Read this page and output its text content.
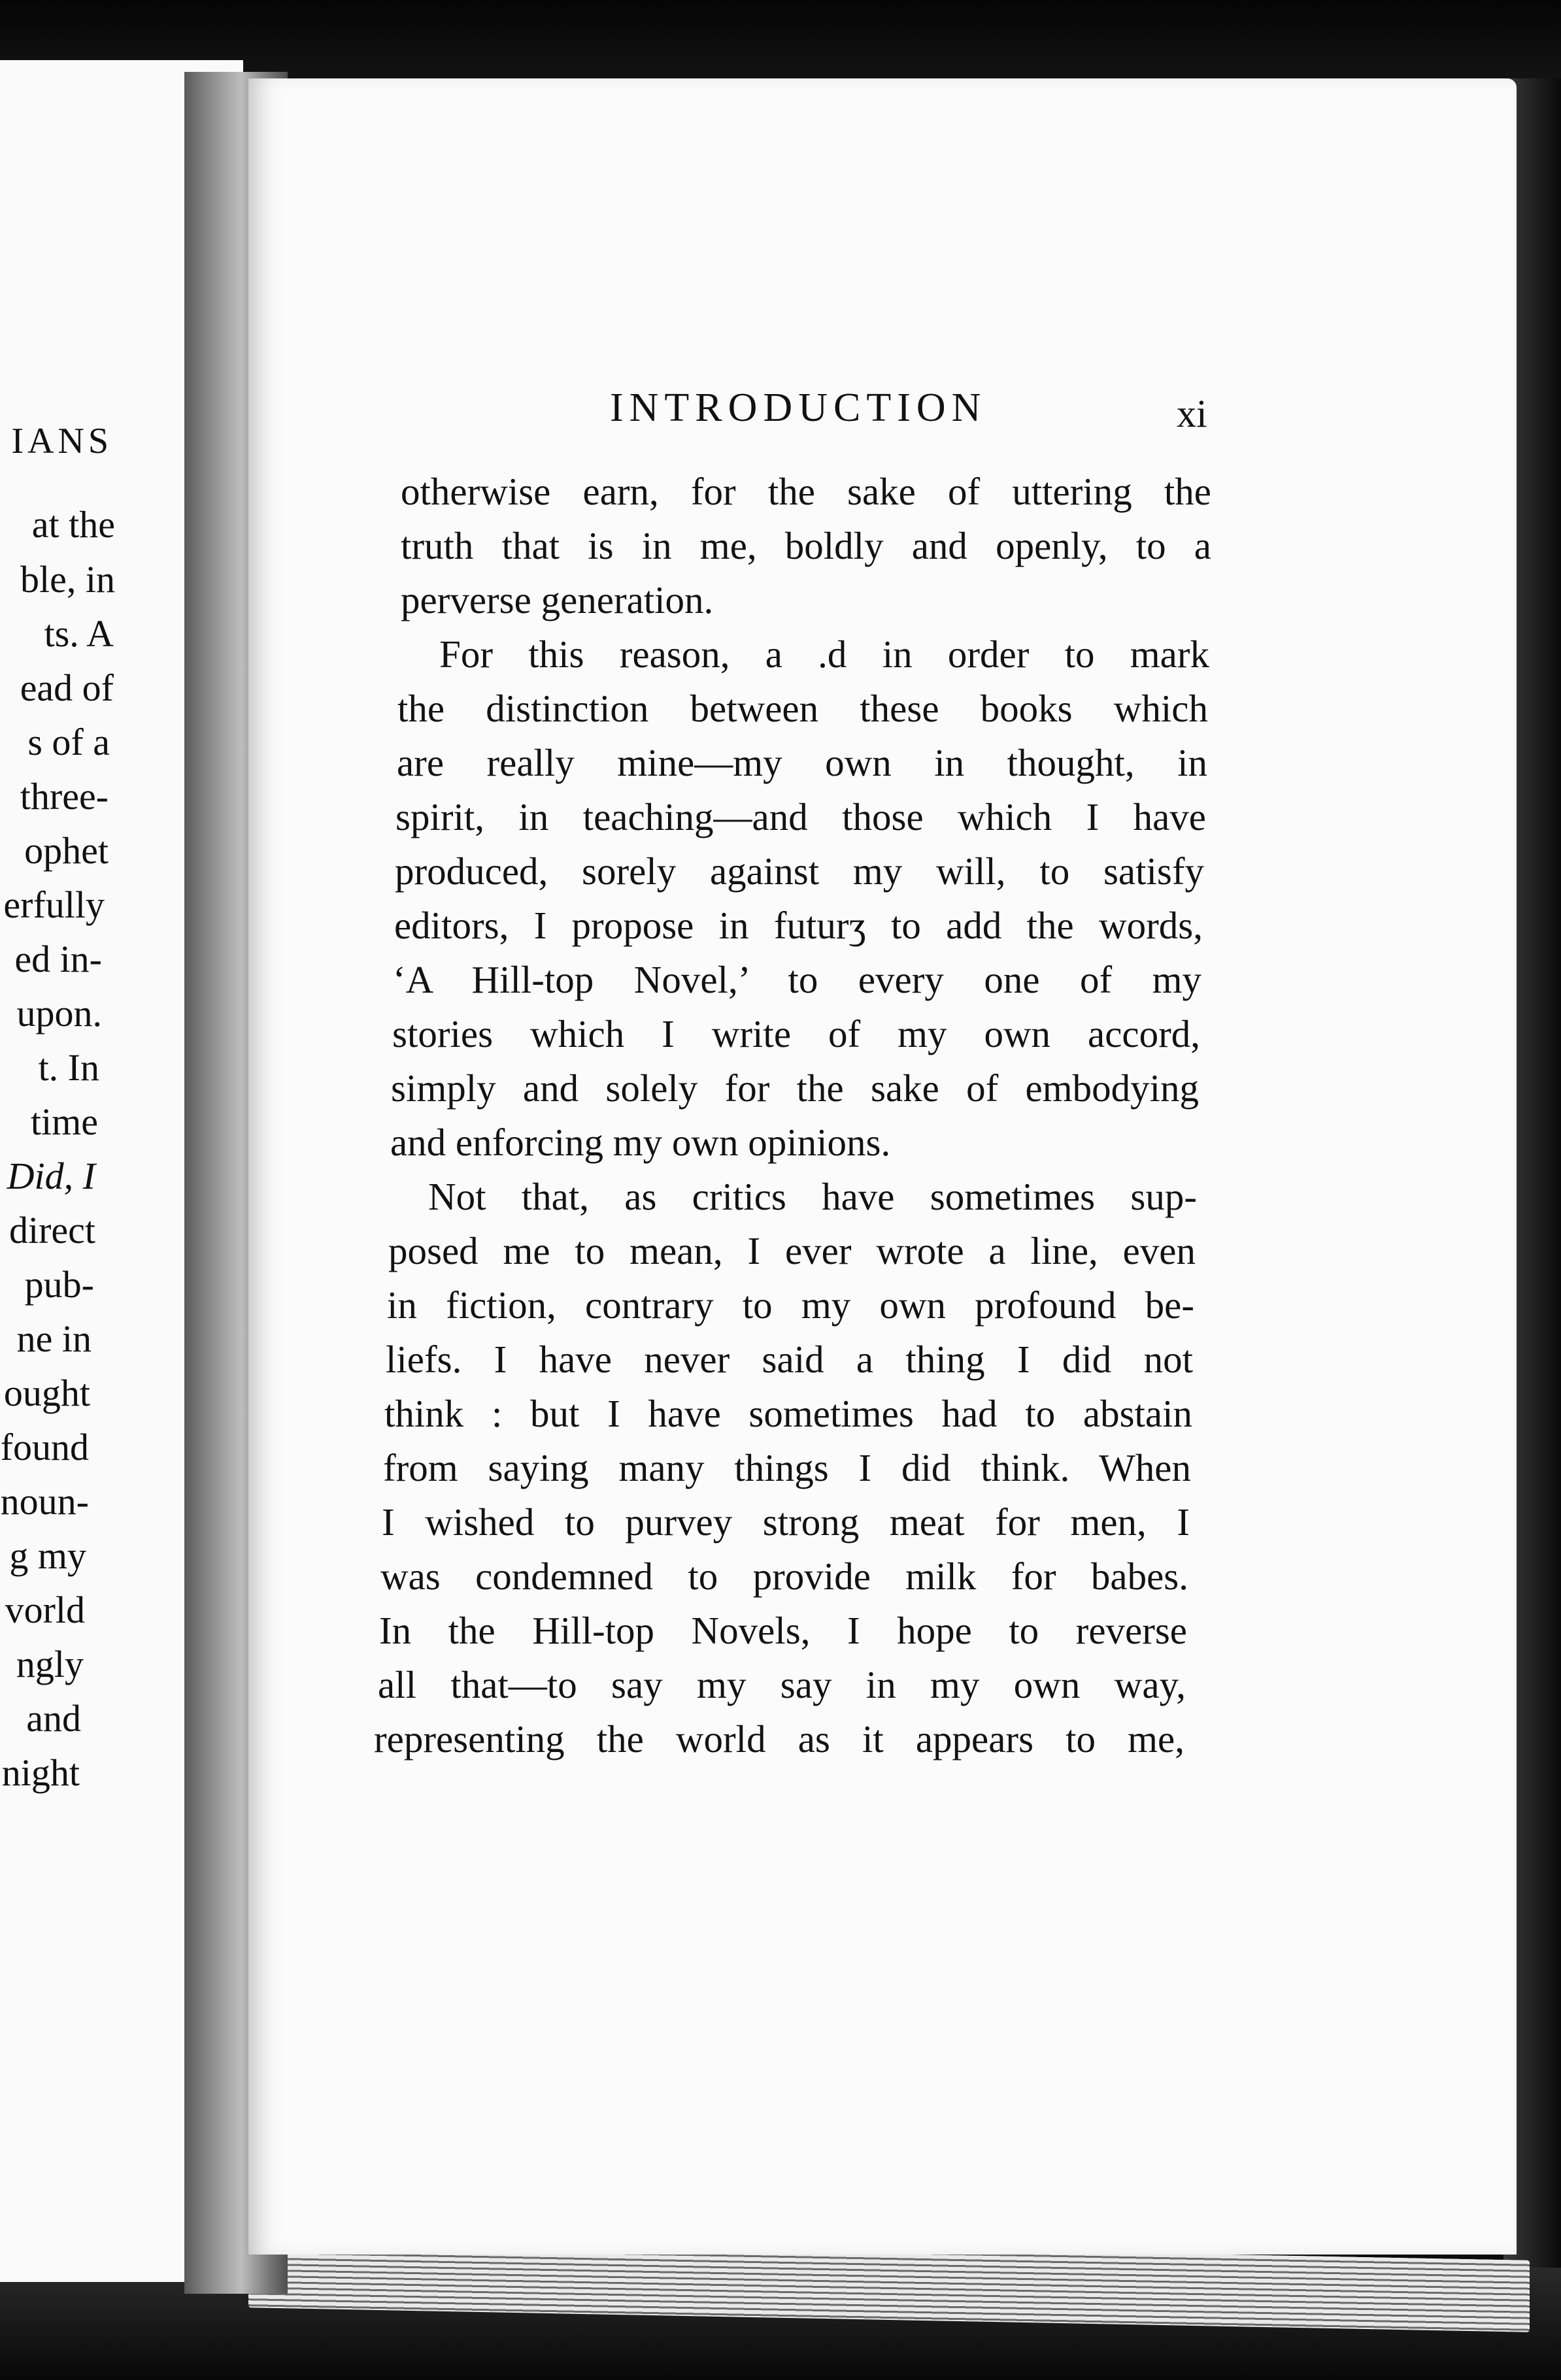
IANS
at the
ble, in
ts. A
ead of
s of a
three-
ophet
erfully
ed in-
upon.
t. In
time
Did, I
direct
pub-
ne in
ought
found
noun-
g my
vorld
ngly
and
night
INTRODUCTION	xi
otherwise earn, for the sake of uttering the
truth that is in me, boldly and openly, to a
perverse generation.
For this reason, a .d in order to mark
the distinction between these books which
are really mine—my own in thought, in
spirit, in teaching—and those which I have
produced, sorely against my will, to satisfy
editors, I propose in futurʒ to add the words,
‘A Hill-top Novel,’ to every one of my
stories which I write of my own accord,
simply and solely for the sake of embodying
and enforcing my own opinions.
Not that, as critics have sometimes sup-
posed me to mean, I ever wrote a line, even
in fiction, contrary to my own profound be-
liefs. I have never said a thing I did not
think : but I have sometimes had to abstain
from saying many things I did think. When
I wished to purvey strong meat for men, I
was condemned to provide milk for babes.
In the Hill-top Novels, I hope to reverse
all that—to say my say in my own way,
representing the world as it appears to me,
